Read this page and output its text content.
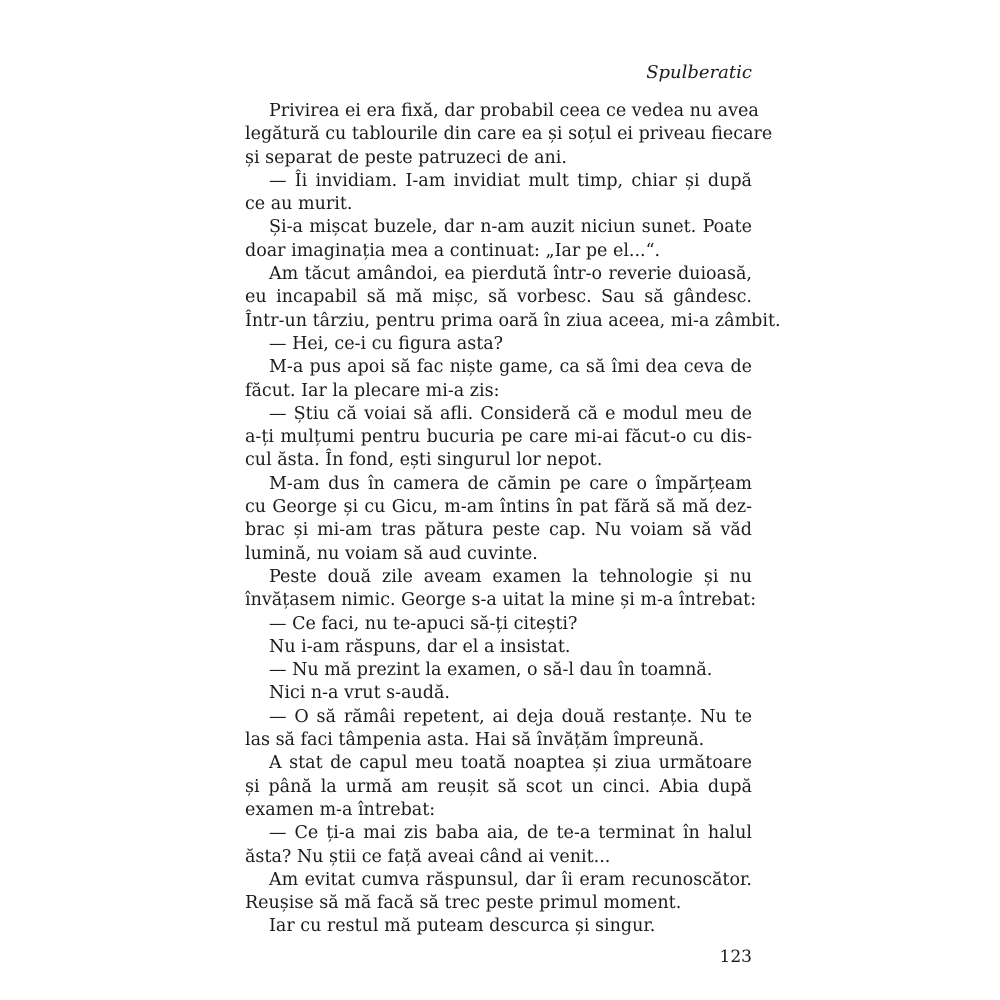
Spulberatic

Privirea ei era fixă, dar probabil ceea ce vedea nu avea
legătură cu tablourile din care ea și soțul ei priveau fiecare
și separat de peste patruzeci de ani.

— Îi invidiam. I-am invidiat mult timp, chiar și după
ce au murit.

Și-a mișcat buzele, dar n-am auzit niciun sunet. Poate
doar imaginația mea a continuat: „Iar pe el...“.

Am tăcut amândoi, ea pierdută într-o reverie duioasă,
eu incapabil să mă mișc, să vorbesc. Sau să gândesc.
Într-un târziu, pentru prima oară în ziua aceea, mi-a zâmbit.

— Hei, ce-i cu figura asta?

M-a pus apoi să fac niște game, ca să îmi dea ceva de
făcut. Iar la plecare mi-a zis:

— Știu că voiai să afli. Consideră că e modul meu de
a-ți mulțumi pentru bucuria pe care mi-ai făcut-o cu dis-
cul ăsta. În fond, ești singurul lor nepot.

M-am dus în camera de cămin pe care o împărțeam
cu George și cu Gicu, m-am întins în pat fără să mă dez-
brac și mi-am tras pătura peste cap. Nu voiam să văd
lumină, nu voiam să aud cuvinte.

Peste două zile aveam examen la tehnologie și nu
învățasem nimic. George s-a uitat la mine și m-a întrebat:

— Ce faci, nu te-apuci să-ți citești?

Nu i-am răspuns, dar el a insistat.

— Nu mă prezint la examen, o să-l dau în toamnă.

Nici n-a vrut s-audă.

— O să rămâi repetent, ai deja două restanțe. Nu te
las să faci tâmpenia asta. Hai să învățăm împreună.

A stat de capul meu toată noaptea și ziua următoare
și până la urmă am reușit să scot un cinci. Abia după
examen m-a întrebat:

— Ce ți-a mai zis baba aia, de te-a terminat în halul
ăsta? Nu știi ce față aveai când ai venit...

Am evitat cumva răspunsul, dar îi eram recunoscător.
Reușise să mă facă să trec peste primul moment.

Iar cu restul mă puteam descurca și singur.

123
